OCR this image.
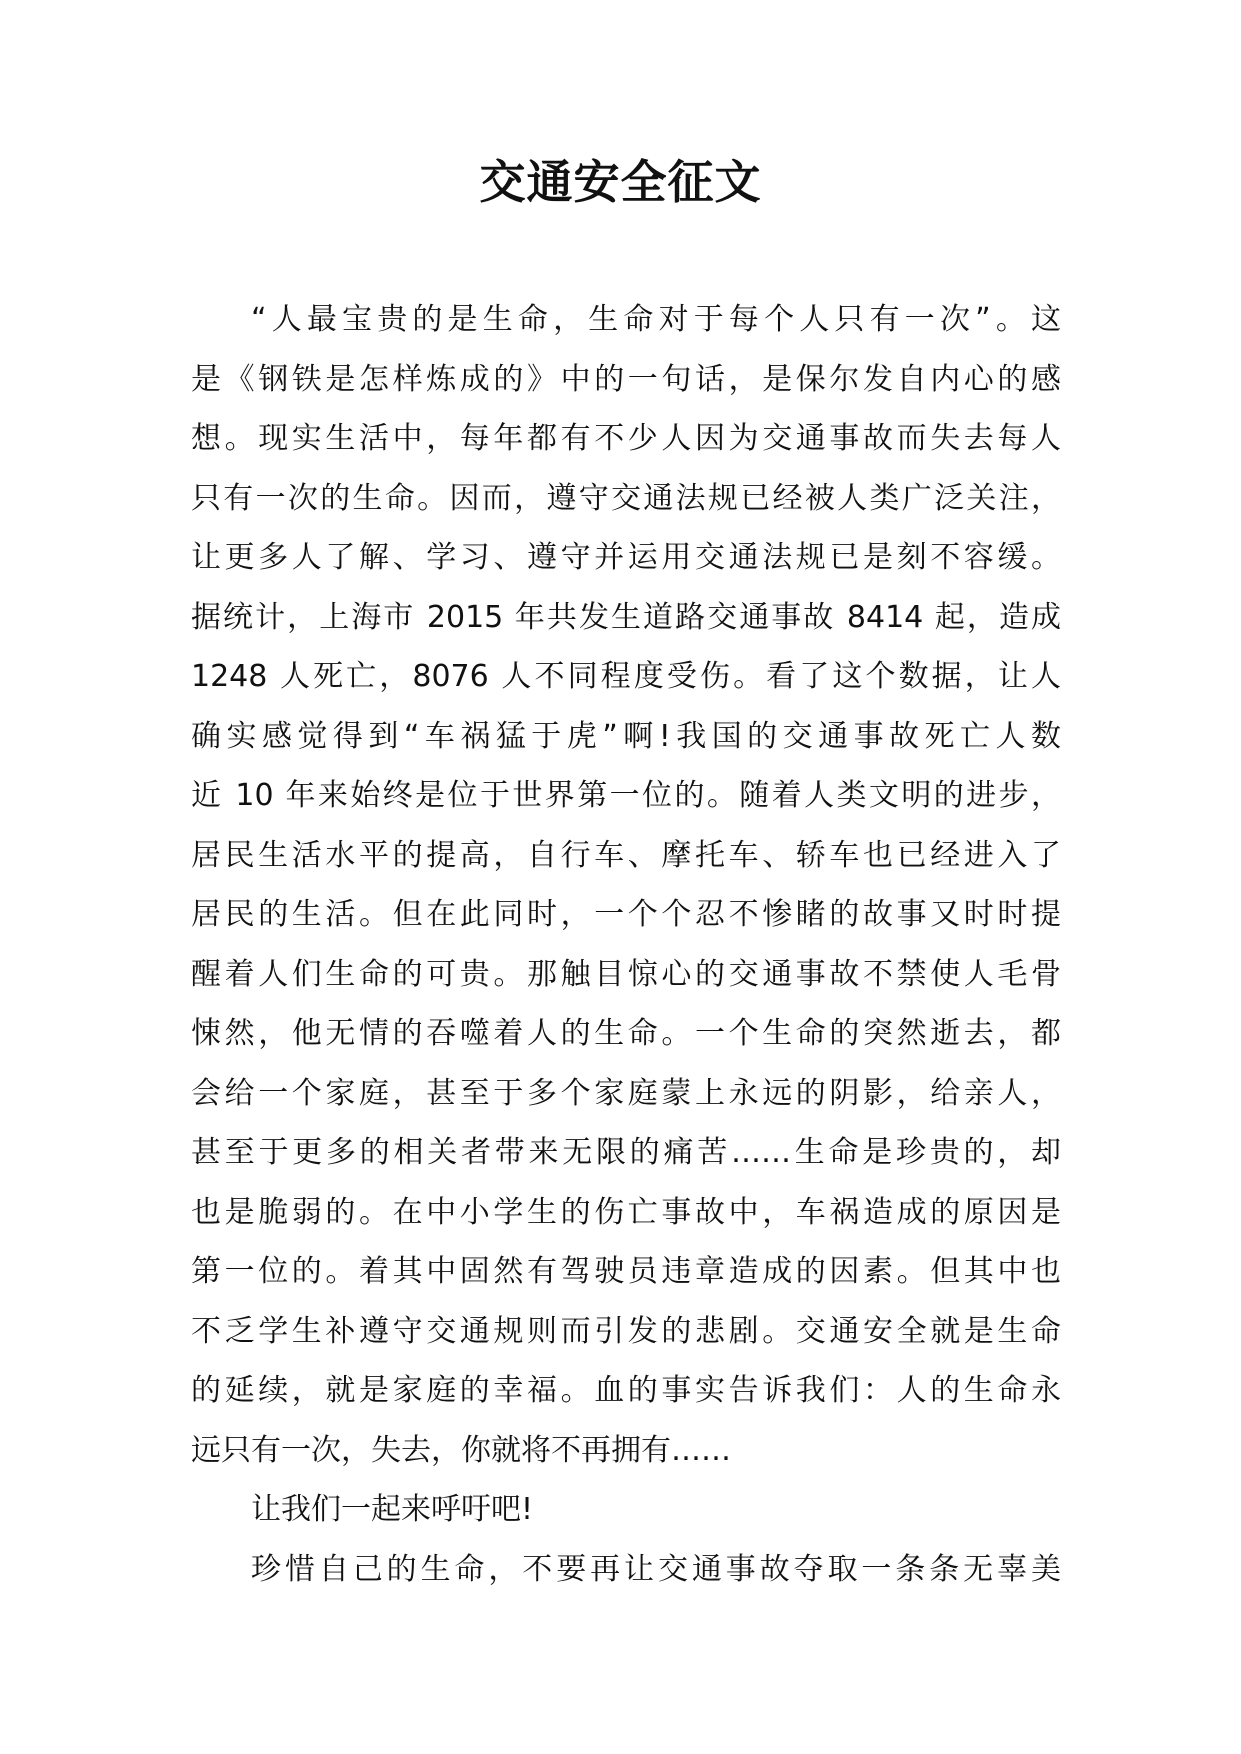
交通安全征文
“人最宝贵的是生命，生命对于每个人只有一次”。这
是《钢铁是怎样炼成的》中的一句话，是保尔发自内心的感
想。现实生活中，每年都有不少人因为交通事故而失去每人
只有一次的生命。因而，遵守交通法规已经被人类广泛关注，
让更多人了解、学习、遵守并运用交通法规已是刻不容缓。
据统计，上海市 2015 年共发生道路交通事故 8414 起，造成
1248 人死亡，8076 人不同程度受伤。看了这个数据，让人
确实感觉得到“车祸猛于虎”啊!我国的交通事故死亡人数
近 10 年来始终是位于世界第一位的。随着人类文明的进步，
居民生活水平的提高，自行车、摩托车、轿车也已经进入了
居民的生活。但在此同时，一个个忍不惨睹的故事又时时提
醒着人们生命的可贵。那触目惊心的交通事故不禁使人毛骨
悚然，他无情的吞噬着人的生命。一个生命的突然逝去，都
会给一个家庭，甚至于多个家庭蒙上永远的阴影，给亲人，
甚至于更多的相关者带来无限的痛苦……生命是珍贵的，却
也是脆弱的。在中小学生的伤亡事故中，车祸造成的原因是
第一位的。着其中固然有驾驶员违章造成的因素。但其中也
不乏学生补遵守交通规则而引发的悲剧。交通安全就是生命
的延续，就是家庭的幸福。血的事实告诉我们：人的生命永
远只有一次，失去，你就将不再拥有……
让我们一起来呼吁吧!
珍惜自己的生命，不要再让交通事故夺取一条条无辜美
